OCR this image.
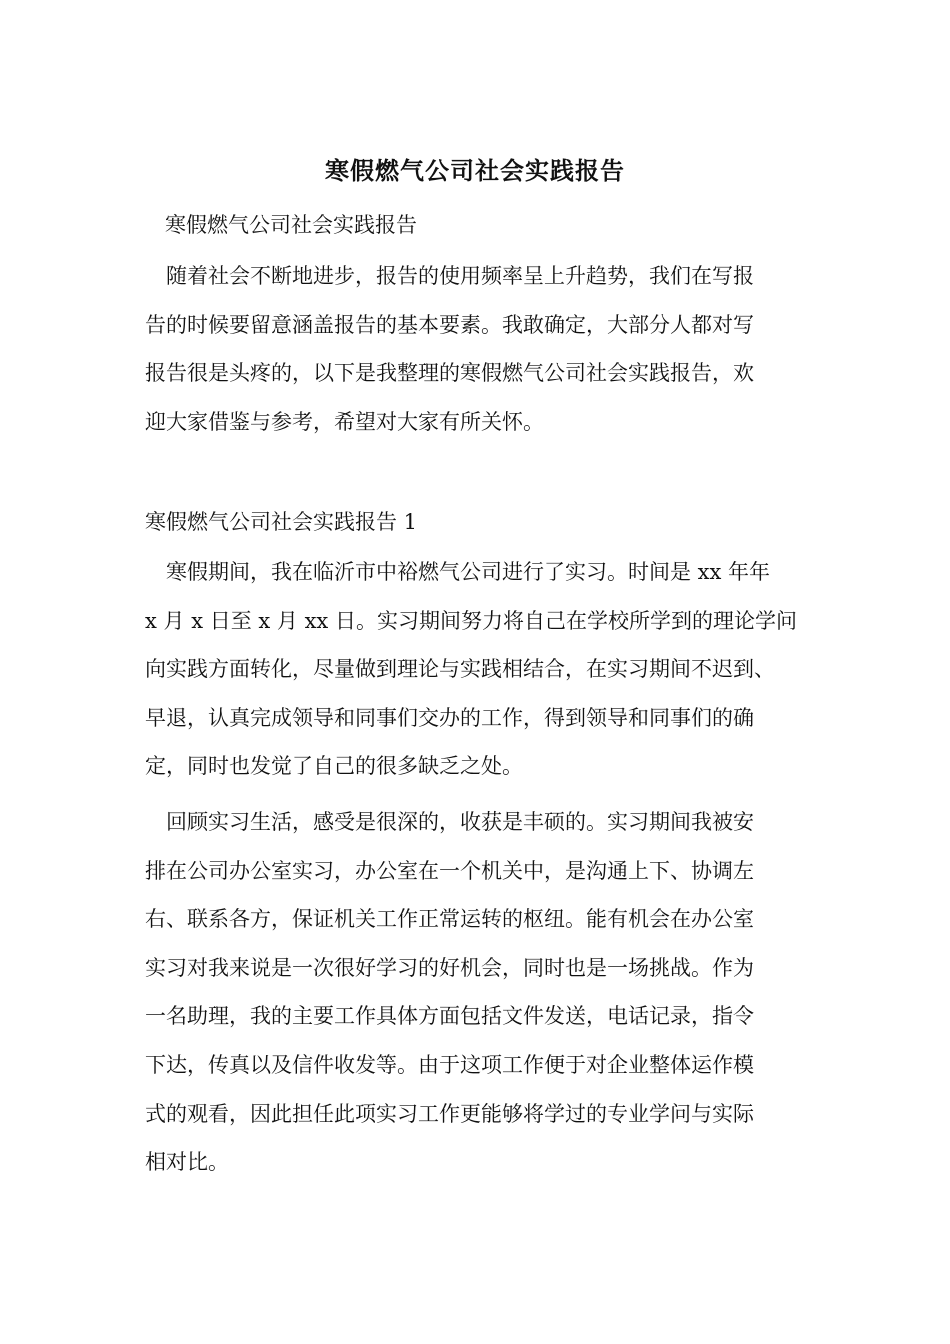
寒假燃气公司社会实践报告
寒假燃气公司社会实践报告
　随着社会不断地进步，报告的使用频率呈上升趋势，我们在写报
告的时候要留意涵盖报告的基本要素。我敢确定，大部分人都对写
报告很是头疼的，以下是我整理的寒假燃气公司社会实践报告，欢
迎大家借鉴与参考，希望对大家有所关怀。
寒假燃气公司社会实践报告 1
　寒假期间，我在临沂市中裕燃气公司进行了实习。时间是 xx 年年
x 月 x 日至 x 月 xx 日。实习期间努力将自己在学校所学到的理论学问
向实践方面转化，尽量做到理论与实践相结合，在实习期间不迟到、
早退，认真完成领导和同事们交办的工作，得到领导和同事们的确
定，同时也发觉了自己的很多缺乏之处。
　回顾实习生活，感受是很深的，收获是丰硕的。实习期间我被安
排在公司办公室实习，办公室在一个机关中，是沟通上下、协调左
右、联系各方，保证机关工作正常运转的枢纽。能有机会在办公室
实习对我来说是一次很好学习的好机会，同时也是一场挑战。作为
一名助理，我的主要工作具体方面包括文件发送，电话记录，指令
下达，传真以及信件收发等。由于这项工作便于对企业整体运作模
式的观看，因此担任此项实习工作更能够将学过的专业学问与实际
相对比。
